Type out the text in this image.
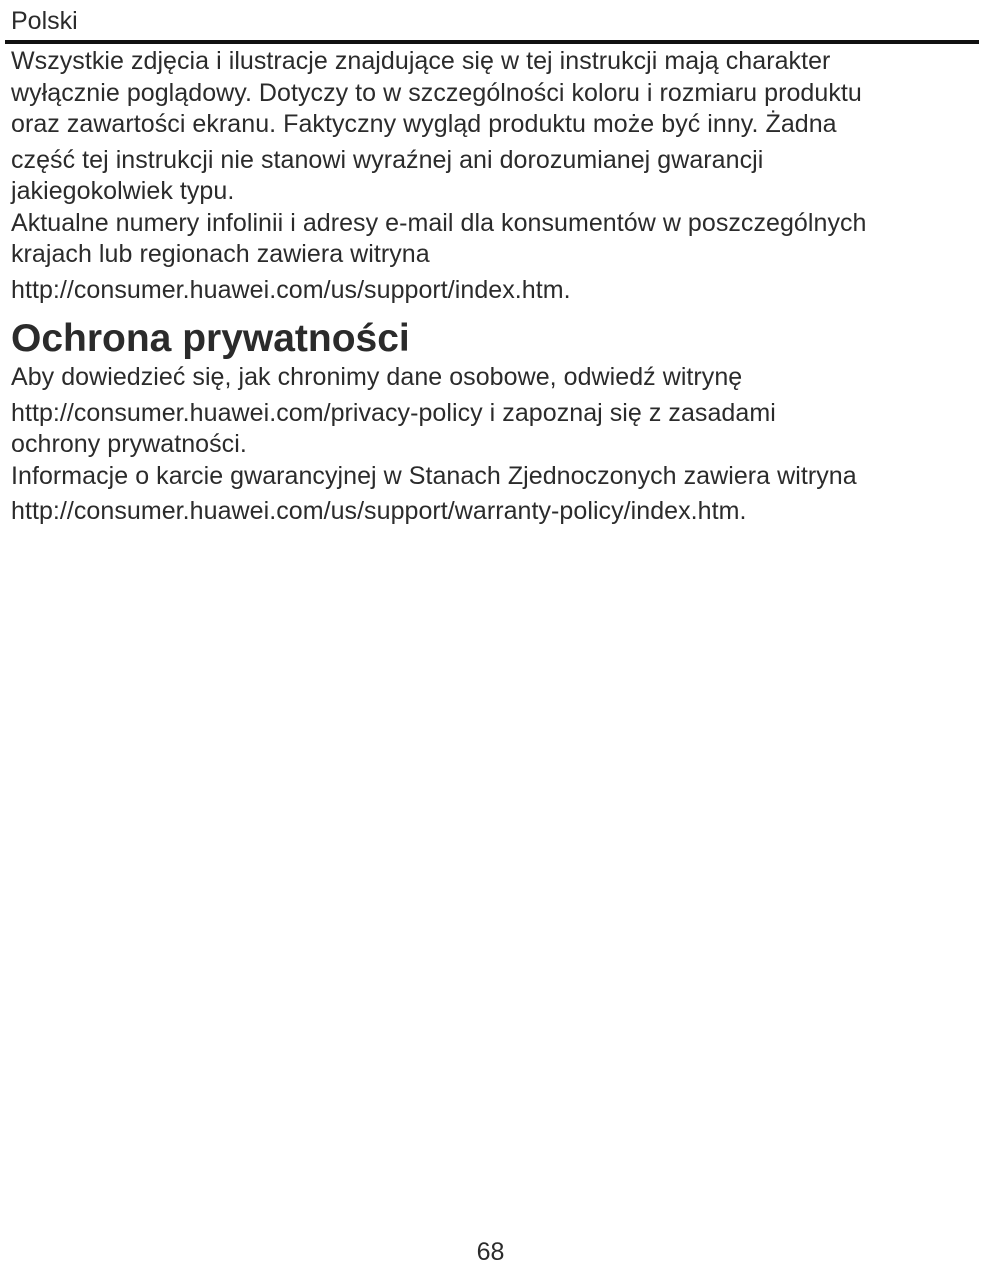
Polski

Wszystkie zdjęcia i ilustracje znajdujące się w tej instrukcji mają charakter
wyłącznie poglądowy. Dotyczy to w szczególności koloru i rozmiaru produktu
oraz zawartości ekranu. Faktyczny wygląd produktu może być inny. Żadna
część tej instrukcji nie stanowi wyraźnej ani dorozumianej gwarancji
jakiegokolwiek typu.

Aktualne numery infolinii i adresy e-mail dla konsumentów w poszczególnych
krajach lub regionach zawiera witryna
http://consumer.huawei.com/us/support/index.htm.

Ochrona prywatności

Aby dowiedzieć się, jak chronimy dane osobowe, odwiedź witrynę
http://consumer.huawei.com/privacy-policy i zapoznaj się z zasadami
ochrony prywatności.

Informacje o karcie gwarancyjnej w Stanach Zjednoczonych zawiera witryna
http://consumer.huawei.com/us/support/warranty-policy/index.htm.

68
